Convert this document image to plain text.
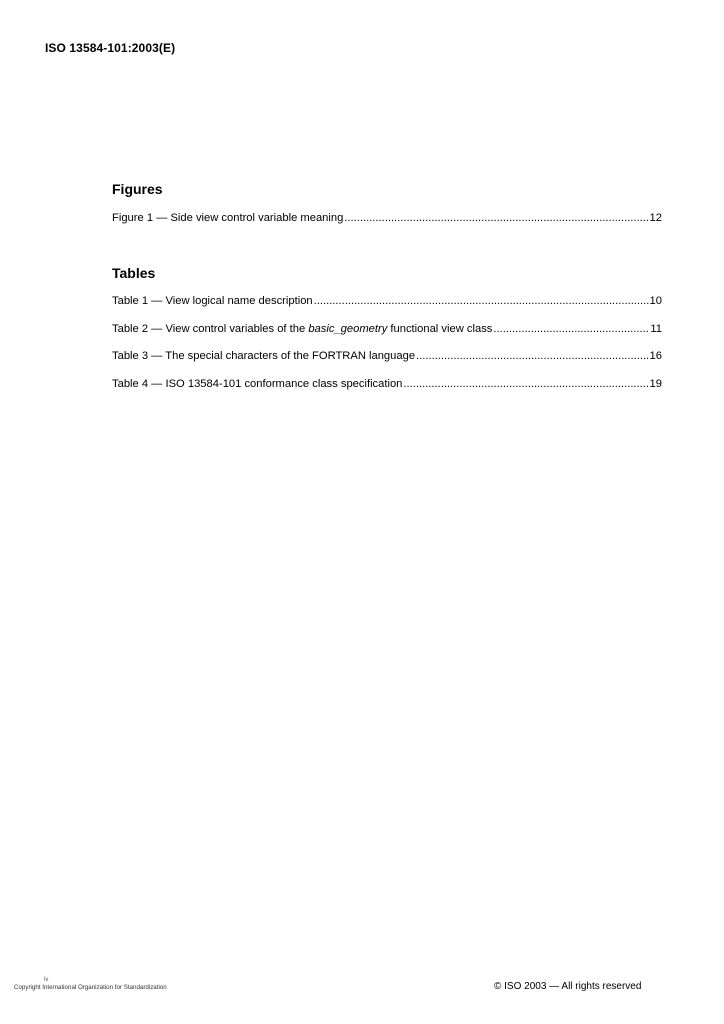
ISO 13584-101:2003(E)
Figures
Figure 1 — Side view control variable meaning .....	12
Tables
Table 1 — View logical name description .....	10
Table 2 — View control variables of the basic_geometry functional view class .....	11
Table 3 — The special characters of the FORTRAN language .....	16
Table 4 — ISO 13584-101 conformance class specification .....	19
iv
Copyright International Organization for Standardization	© ISO 2003 — All rights reserved
